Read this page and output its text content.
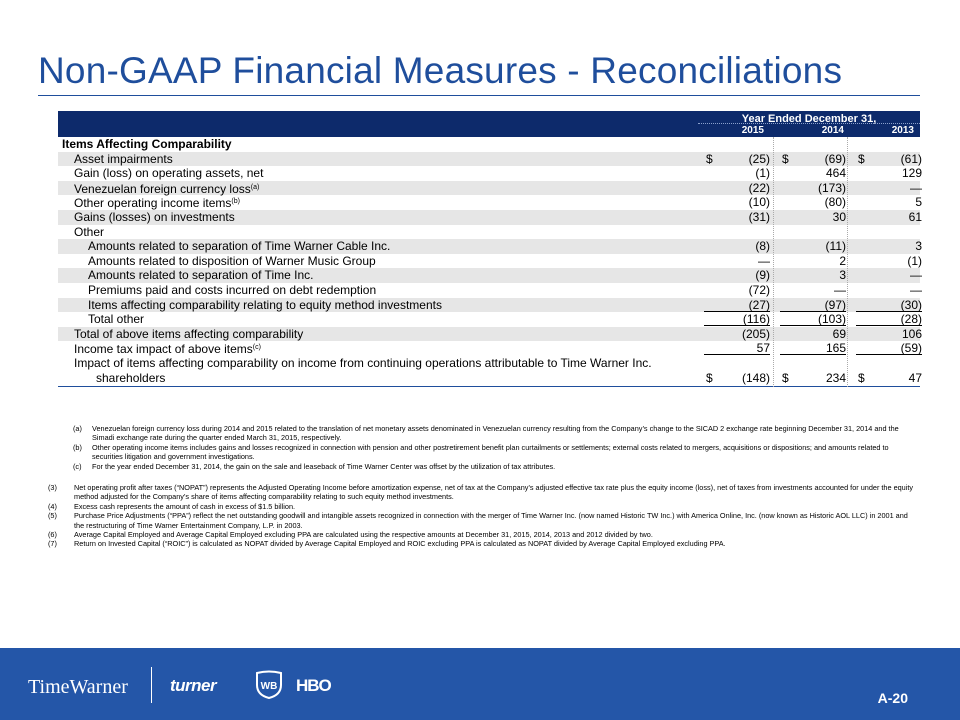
Non-GAAP Financial Measures - Reconciliations
Year Ended December 31,
2015	2014	2013
Items Affecting Comparability
Asset impairments	$	(25) $	(69) $	(61)
Gain (loss) on operating assets, net	(1)	464	129
Venezuelan foreign currency loss$^{(a)}$	(22)	(173)	—
Other operating income items$^{(b)}$	(10)	(80)	5
Gains (losses) on investments	(31)	30	61
Other
Amounts related to separation of Time Warner Cable Inc.	(8)	(11)	3
Amounts related to disposition of Warner Music Group	—	2	(1)
Amounts related to separation of Time Inc.	(9)	3	—
Premiums paid and costs incurred on debt redemption	(72)	—	—
Items affecting comparability relating to equity method investments	(27)	(97)	(30)
Total other	(116)	(103)	(28)
Total of above items affecting comparability	(205)	69	106
Income tax impact of above items$^{(c)}$	57	165	(59)
Impact of items affecting comparability on income from continuing operations attributable to Time Warner Inc.
shareholders	$	(148) $	234 $	47
(a) Venezuelan foreign currency loss during 2014 and 2015 related to the translation of net monetary assets denominated in Venezuelan currency resulting from the Company’s change to the SICAD 2 exchange rate beginning December 31, 2014 and the Simadi exchange rate during the quarter ended March 31, 2015, respectively.
(b) Other operating income items includes gains and losses recognized in connection with pension and other postretirement benefit plan curtailments or settlements; external costs related to mergers, acquisitions or dispositions; and amounts related to securities litigation and government investigations.
(c) For the year ended December 31, 2014, the gain on the sale and leaseback of Time Warner Center was offset by the utilization of tax attributes.
(3) Net operating profit after taxes (“NOPAT”) represents the Adjusted Operating Income before amortization expense, net of tax at the Company’s adjusted effective tax rate plus the equity income (loss), net of taxes from investments accounted for under the equity method adjusted for the Company’s share of items affecting comparability relating to such equity method investments.
(4) Excess cash represents the amount of cash in excess of $1.5 billion.
(5) Purchase Price Adjustments (“PPA”) reflect the net outstanding goodwill and intangible assets recognized in connection with the merger of Time Warner Inc. (now named Historic TW Inc.) with America Online, Inc. (now known as Historic AOL LLC) in 2001 and the restructuring of Time Warner Entertainment Company, L.P. in 2003.
(6) Average Capital Employed and Average Capital Employed excluding PPA are calculated using the respective amounts at December 31, 2015, 2014, 2013 and 2012 divided by two.
(7) Return on Invested Capital (“ROIC”) is calculated as NOPAT divided by Average Capital Employed and ROIC excluding PPA is calculated as NOPAT divided by Average Capital Employed excluding PPA.
TimeWarner turner	WB HBO
A-20
